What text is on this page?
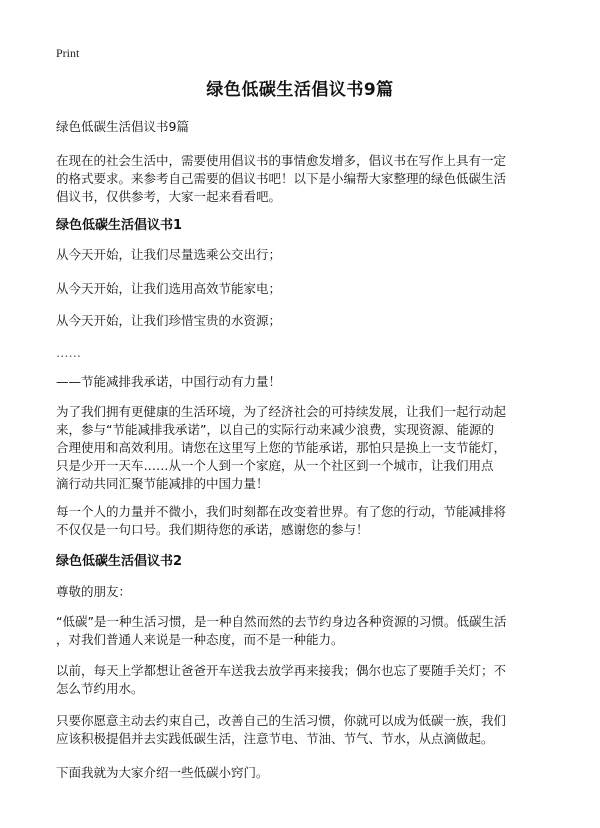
Print
绿色低碳生活倡议书9篇

绿色低碳生活倡议书9篇

在现在的社会生活中，需要使用倡议书的事情愈发增多，倡议书在写作上具有一定
的格式要求。来参考自己需要的倡议书吧！以下是小编帮大家整理的绿色低碳生活
倡议书，仅供参考，大家一起来看看吧。

绿色低碳生活倡议书1

从今天开始，让我们尽量选乘公交出行；

从今天开始，让我们选用高效节能家电；

从今天开始，让我们珍惜宝贵的水资源；

……

——节能减排我承诺，中国行动有力量！

为了我们拥有更健康的生活环境，为了经济社会的可持续发展，让我们一起行动起
来，参与“节能减排我承诺”，以自己的实际行动来减少浪费，实现资源、能源的
合理使用和高效利用。请您在这里写上您的节能承诺，那怕只是换上一支节能灯，
只是少开一天车……从一个人到一个家庭，从一个社区到一个城市，让我们用点
滴行动共同汇聚节能减排的中国力量！

每一个人的力量并不微小，我们时刻都在改变着世界。有了您的行动，节能减排将
不仅仅是一句口号。我们期待您的承诺，感谢您的参与！

绿色低碳生活倡议书2

尊敬的朋友：

“低碳”是一种生活习惯，是一种自然而然的去节约身边各种资源的习惯。低碳生活
，对我们普通人来说是一种态度，而不是一种能力。

以前，每天上学都想让爸爸开车送我去放学再来接我；偶尔也忘了要随手关灯；不
怎么节约用水。

只要你愿意主动去约束自己，改善自己的生活习惯，你就可以成为低碳一族，我们
应该积极提倡并去实践低碳生活，注意节电、节油、节气、节水，从点滴做起。

下面我就为大家介绍一些低碳小窍门。
